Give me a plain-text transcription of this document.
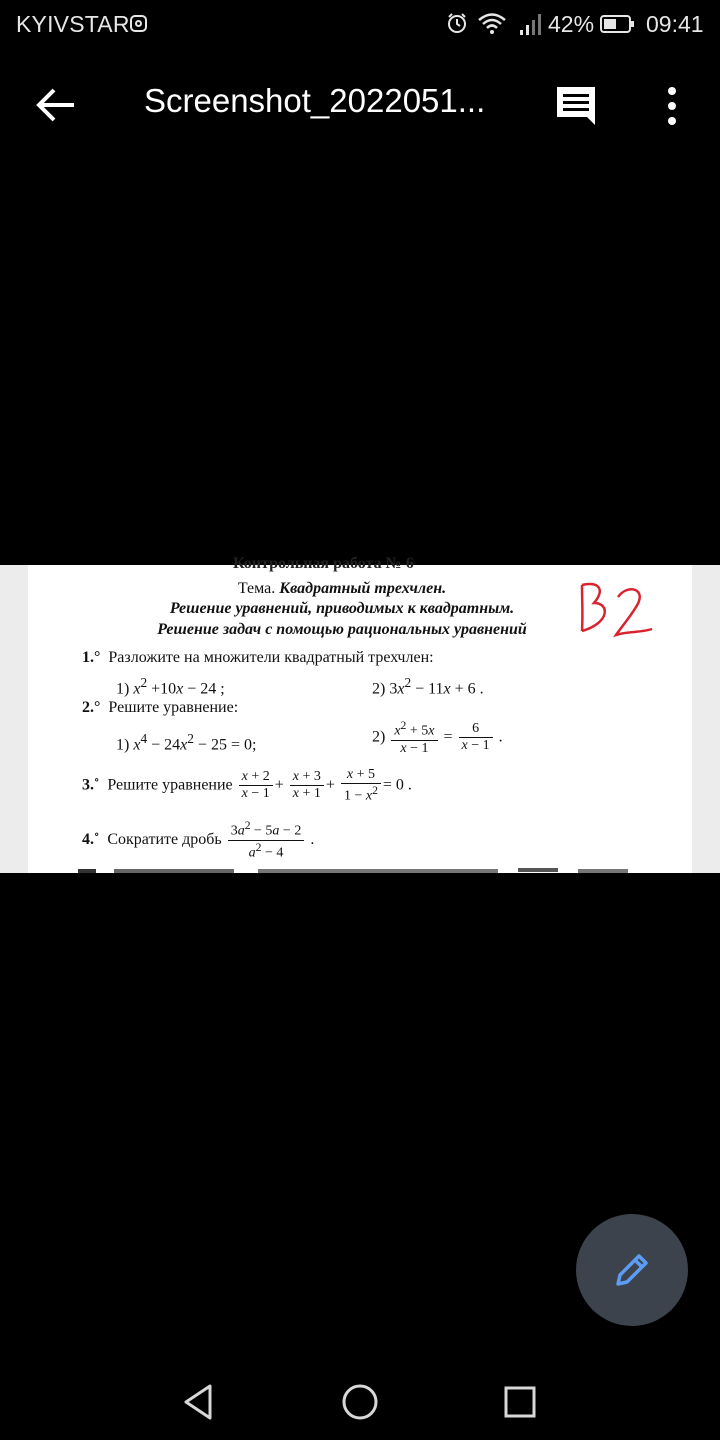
KYIVSTAR	42% 09:41
Screenshot_2022051...
Контрольная работа № 6
Тема. Квадратный трехчлен.
Решение уравнений, приводимых к квадратным.
Решение задач с помощью рациональных уравнений
1.° Разложите на множители квадратный трехчлен:
1) $x^2 +10x - 24$ ;	2) $3x^2 - 11x + 6$ .
2.° Решите уравнение:
1) $x^4 - 24x^2 - 25 = 0$;	$2) \frac{x^2 + 5x}{x - 1} = \frac{6}{x - 1}$ .
3.˚ Решите уравнение $\frac{x + 2}{x - 1} + \frac{x + 3}{x + 1} + \frac{x + 5}{1 - x^2} = 0$ .
4.˚ Сократите дробь $\frac{3a^2 - 5a - 2}{a^2 - 4}$ .
